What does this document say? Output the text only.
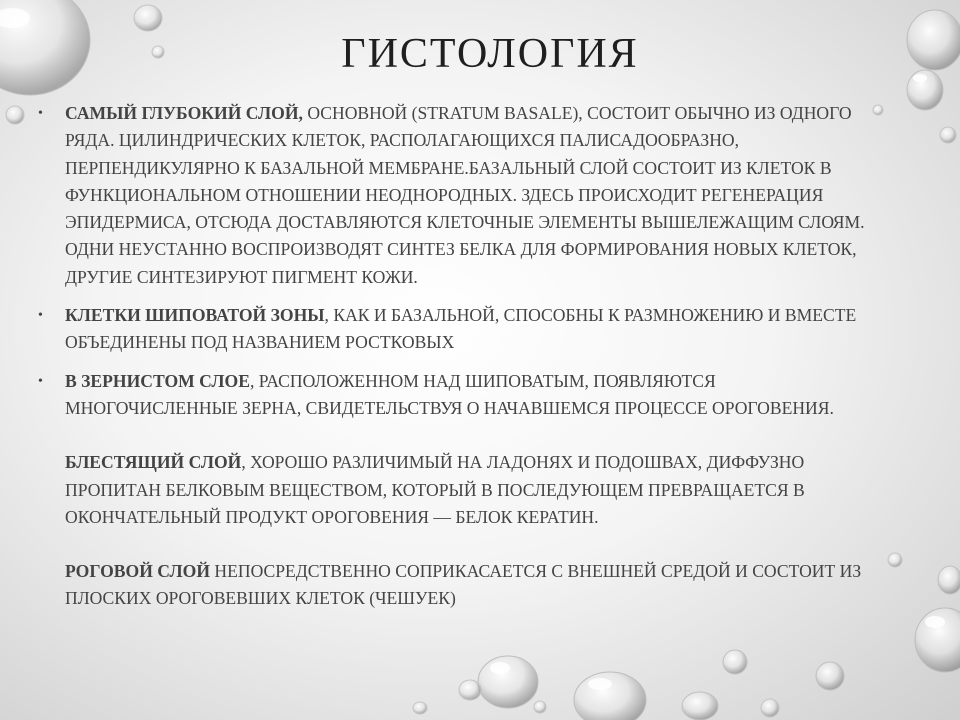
ГИСТОЛОГИЯ

• САМЫЙ ГЛУБОКИЙ СЛОЙ, ОСНОВНОЙ (STRATUM BASALE), СОСТОИТ ОБЫЧНО ИЗ ОДНОГО РЯДА. ЦИЛИНДРИЧЕСКИХ КЛЕТОК, РАСПОЛАГАЮЩИХСЯ ПАЛИСАДООБРАЗНО, ПЕРПЕНДИКУЛЯРНО К БАЗАЛЬНОЙ МЕМБРАНЕ.БАЗАЛЬНЫЙ СЛОЙ СОСТОИТ ИЗ КЛЕТОК В ФУНКЦИОНАЛЬНОМ ОТНОШЕНИИ НЕОДНОРОДНЫХ. ЗДЕСЬ ПРОИСХОДИТ РЕГЕНЕРАЦИЯ ЭПИДЕРМИСА, ОТСЮДА ДОСТАВЛЯЮТСЯ КЛЕТОЧНЫЕ ЭЛЕМЕНТЫ ВЫШЕЛЕЖАЩИМ СЛОЯМ. ОДНИ НЕУСТАННО ВОСПРОИЗВОДЯТ СИНТЕЗ БЕЛКА ДЛЯ ФОРМИРОВАНИЯ НОВЫХ КЛЕТОК, ДРУГИЕ СИНТЕЗИРУЮТ ПИГМЕНТ КОЖИ.

• КЛЕТКИ ШИПОВАТОЙ ЗОНЫ, КАК И БАЗАЛЬНОЙ, СПОСОБНЫ К РАЗМНОЖЕНИЮ И ВМЕСТЕ ОБЪЕДИНЕНЫ ПОД НАЗВАНИЕМ РОСТКОВЫХ

• В ЗЕРНИСТОМ СЛОЕ, РАСПОЛОЖЕННОМ НАД ШИПОВАТЫМ, ПОЯВЛЯЮТСЯ МНОГОЧИСЛЕННЫЕ ЗЕРНА, СВИДЕТЕЛЬСТВУЯ О НАЧАВШЕМСЯ ПРОЦЕССЕ ОРОГОВЕНИЯ.

БЛЕСТЯЩИЙ СЛОЙ, ХОРОШО РАЗЛИЧИМЫЙ НА ЛАДОНЯХ И ПОДОШВАХ, ДИФФУЗНО ПРОПИТАН БЕЛКОВЫМ ВЕЩЕСТВОМ, КОТОРЫЙ В ПОСЛЕДУЮЩЕМ ПРЕВРАЩАЕТСЯ В ОКОНЧАТЕЛЬНЫЙ ПРОДУКТ ОРОГОВЕНИЯ — БЕЛОК КЕРАТИН.

РОГОВОЙ СЛОЙ НЕПОСРЕДСТВЕННО СОПРИКАСАЕТСЯ С ВНЕШНЕЙ СРЕДОЙ И СОСТОИТ ИЗ ПЛОСКИХ ОРОГОВЕВШИХ КЛЕТОК (ЧЕШУЕК)
